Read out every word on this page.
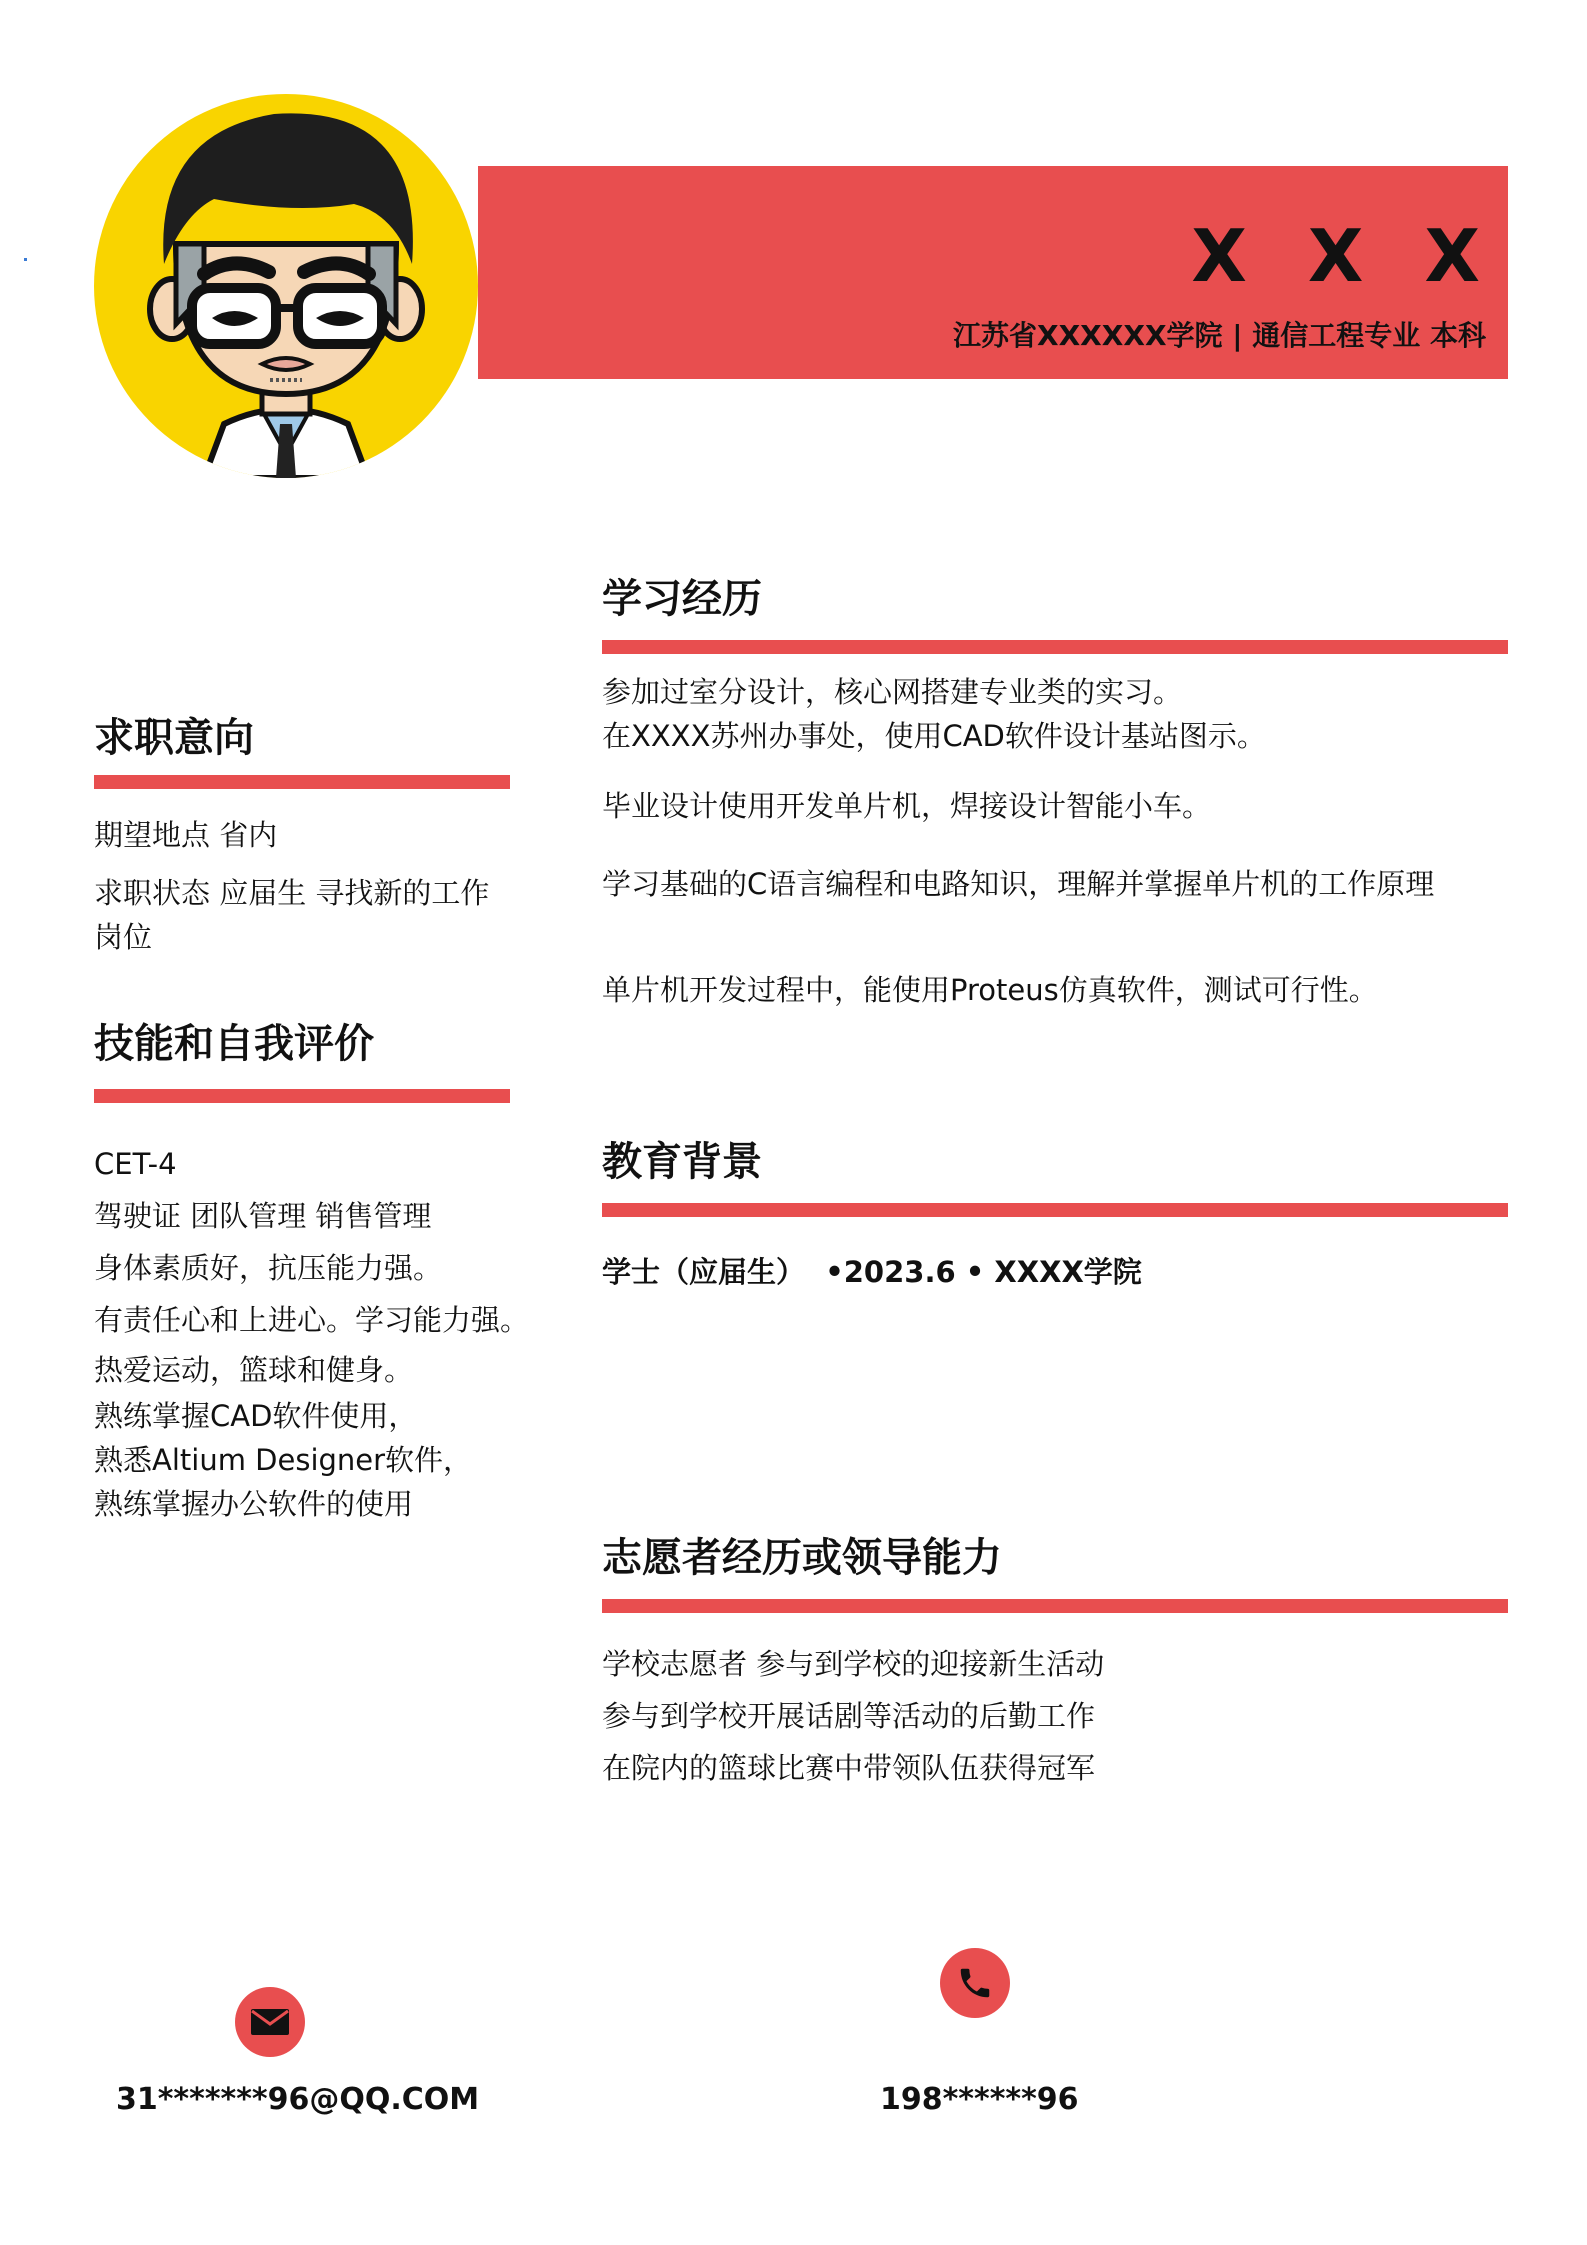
X X X
江苏省XXXXXX学院 | 通信工程专业 本科
求职意向
期望地点 省内
求职状态 应届生 寻找新的工作
岗位
技能和自我评价
CET-4
驾驶证 团队管理 销售管理
身体素质好，抗压能力强。
有责任心和上进心。学习能力强。
热爱运动，篮球和健身。
熟练掌握CAD软件使用，
熟悉Altium Designer软件，
熟练掌握办公软件的使用
学习经历
参加过室分设计，核心网搭建专业类的实习。
在XXXX苏州办事处，使用CAD软件设计基站图示。
毕业设计使用开发单片机，焊接设计智能小车。
学习基础的C语言编程和电路知识，理解并掌握单片机的工作原理
单片机开发过程中，能使用Proteus仿真软件，测试可行性。
教育背景
学士（应届生）  •2023.6 • XXXX学院
志愿者经历或领导能力
学校志愿者 参与到学校的迎接新生活动
参与到学校开展话剧等活动的后勤工作
在院内的篮球比赛中带领队伍获得冠军
31*******96@QQ.COM	198******96
